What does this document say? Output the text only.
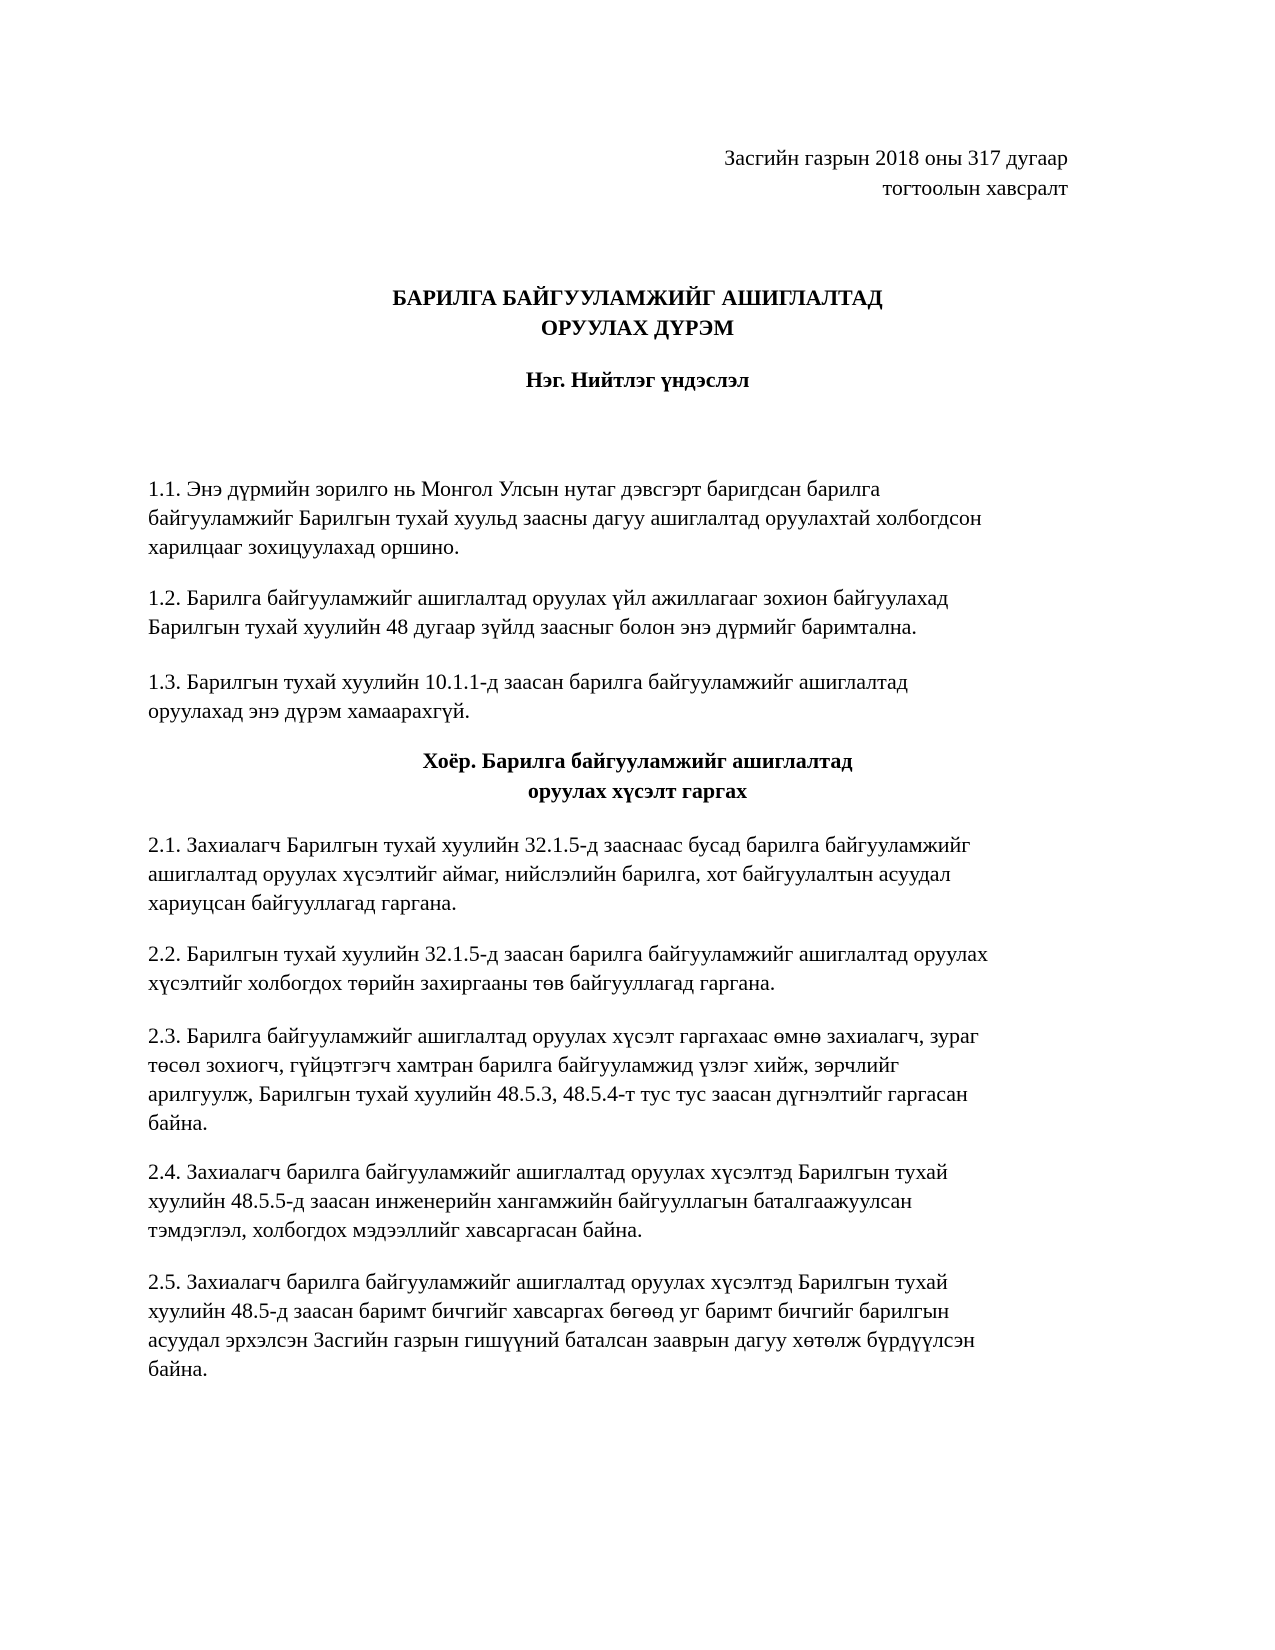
Засгийн газрын 2018 оны 317 дугаар
тогтоолын хавсралт
БАРИЛГА БАЙГУУЛАМЖИЙГ АШИГЛАЛТАД
ОРУУЛАХ ДҮРЭМ
Нэг. Нийтлэг үндэслэл
1.1. Энэ дүрмийн зорилго нь Монгол Улсын нутаг дэвсгэрт баригдсан барилга
байгууламжийг Барилгын тухай хуульд заасны дагуу ашиглалтад оруулахтай холбогдсон
харилцааг зохицуулахад оршино.
1.2. Барилга байгууламжийг ашиглалтад оруулах үйл ажиллагааг зохион байгуулахад
Барилгын тухай хуулийн 48 дугаар зүйлд заасныг болон энэ дүрмийг баримтална.
1.3. Барилгын тухай хуулийн 10.1.1-д заасан барилга байгууламжийг ашиглалтад
оруулахад энэ дүрэм хамаарахгүй.
Хоёр. Барилга байгууламжийг ашиглалтад
оруулах хүсэлт гаргах
2.1. Захиалагч Барилгын тухай хуулийн 32.1.5-д зааснаас бусад барилга байгууламжийг
ашиглалтад оруулах хүсэлтийг аймаг, нийслэлийн барилга, хот байгуулалтын асуудал
хариуцсан байгууллагад гаргана.
2.2. Барилгын тухай хуулийн 32.1.5-д заасан барилга байгууламжийг ашиглалтад оруулах
хүсэлтийг холбогдох төрийн захиргааны төв байгууллагад гаргана.
2.3. Барилга байгууламжийг ашиглалтад оруулах хүсэлт гаргахаас өмнө захиалагч, зураг
төсөл зохиогч, гүйцэтгэгч хамтран барилга байгууламжид үзлэг хийж, зөрчлийг
арилгуулж, Барилгын тухай хуулийн 48.5.3, 48.5.4-т тус тус заасан дүгнэлтийг гаргасан
байна.
2.4. Захиалагч барилга байгууламжийг ашиглалтад оруулах хүсэлтэд Барилгын тухай
хуулийн 48.5.5-д заасан инженерийн хангамжийн байгууллагын баталгаажуулсан
тэмдэглэл, холбогдох мэдээллийг хавсаргасан байна.
2.5. Захиалагч барилга байгууламжийг ашиглалтад оруулах хүсэлтэд Барилгын тухай
хуулийн 48.5-д заасан баримт бичгийг хавсаргах бөгөөд уг баримт бичгийг барилгын
асуудал эрхэлсэн Засгийн газрын гишүүний баталсан зааврын дагуу хөтөлж бүрдүүлсэн
байна.
